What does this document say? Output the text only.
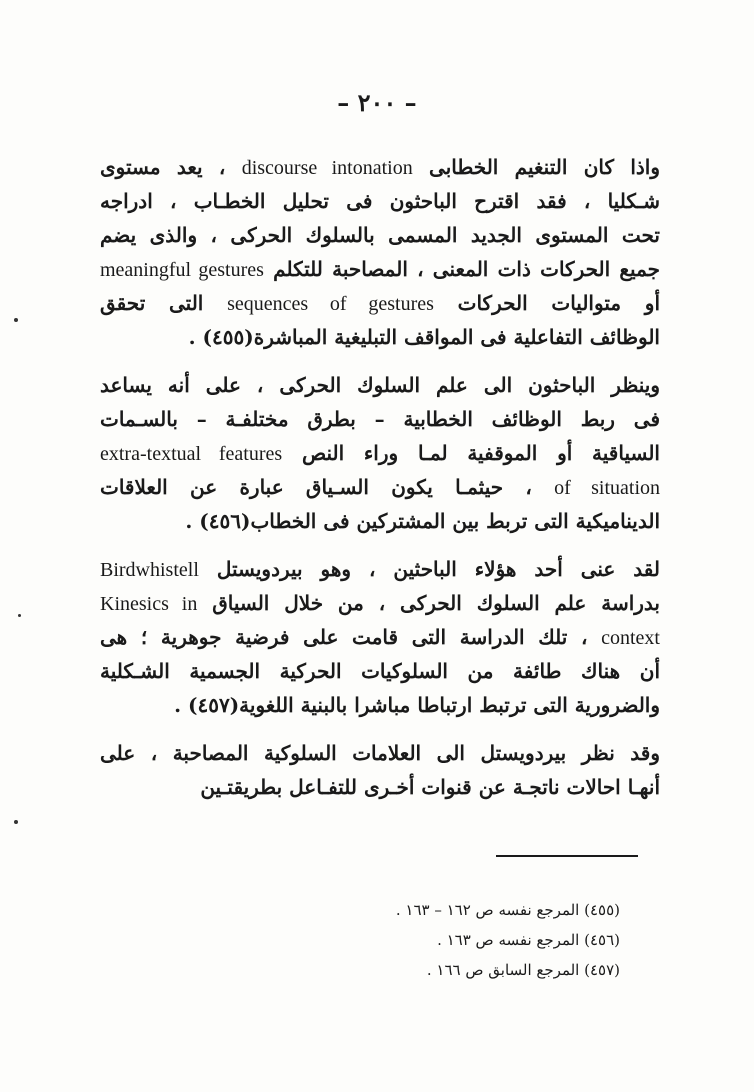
– ٢٠٠ –
واذا كان التنغيم الخطابى discourse intonation ، يعد مستوى
شـكليا ، فقد اقترح الباحثون فى تحليل الخطـاب ، ادراجه
تحت المستوى الجديد المسمى بالسلوك الحركى ، والذى يضم
جميع الحركات ذات المعنى ، المصاحبة للتكلم meaningful gestures
أو متواليات الحركات sequences of gestures التى تحقق
الوظائف التفاعلية فى المواقف التبليغية المباشرة(٤٥٥) .
وينظر الباحثون الى علم السلوك الحركى ، على أنه يساعد
فى ربط الوظائف الخطابية – بطرق مختلفـة – بالسـمات
السياقية أو الموقفية لمـا وراء النص extra-textual features
of situation ، حيثمـا يكون السـياق عبارة عن العلاقات
الديناميكية التى تربط بين المشتركين فى الخطاب(٤٥٦) .
لقد عنى أحد هؤلاء الباحثين ، وهو بيردويستل Birdwhistell
بدراسة علم السلوك الحركى ، من خلال السياق Kinesics in
context ، تلك الدراسة التى قامت على فرضية جوهرية ؛ هى
أن هناك طائفة من السلوكيات الحركية الجسمية الشـكلية
والضرورية التى ترتبط ارتباطا مباشرا بالبنية اللغوية(٤٥٧) .
وقد نظر بيردويستل الى العلامات السلوكية المصاحبة ، على
أنهـا احالات ناتجـة عن قنوات أخـرى للتفـاعل بطريقتـين
(٤٥٥) المرجع نفسه ص ١٦٢ – ١٦٣ .
(٤٥٦) المرجع نفسه ص ١٦٣ .
(٤٥٧) المرجع السابق ص ١٦٦ .
